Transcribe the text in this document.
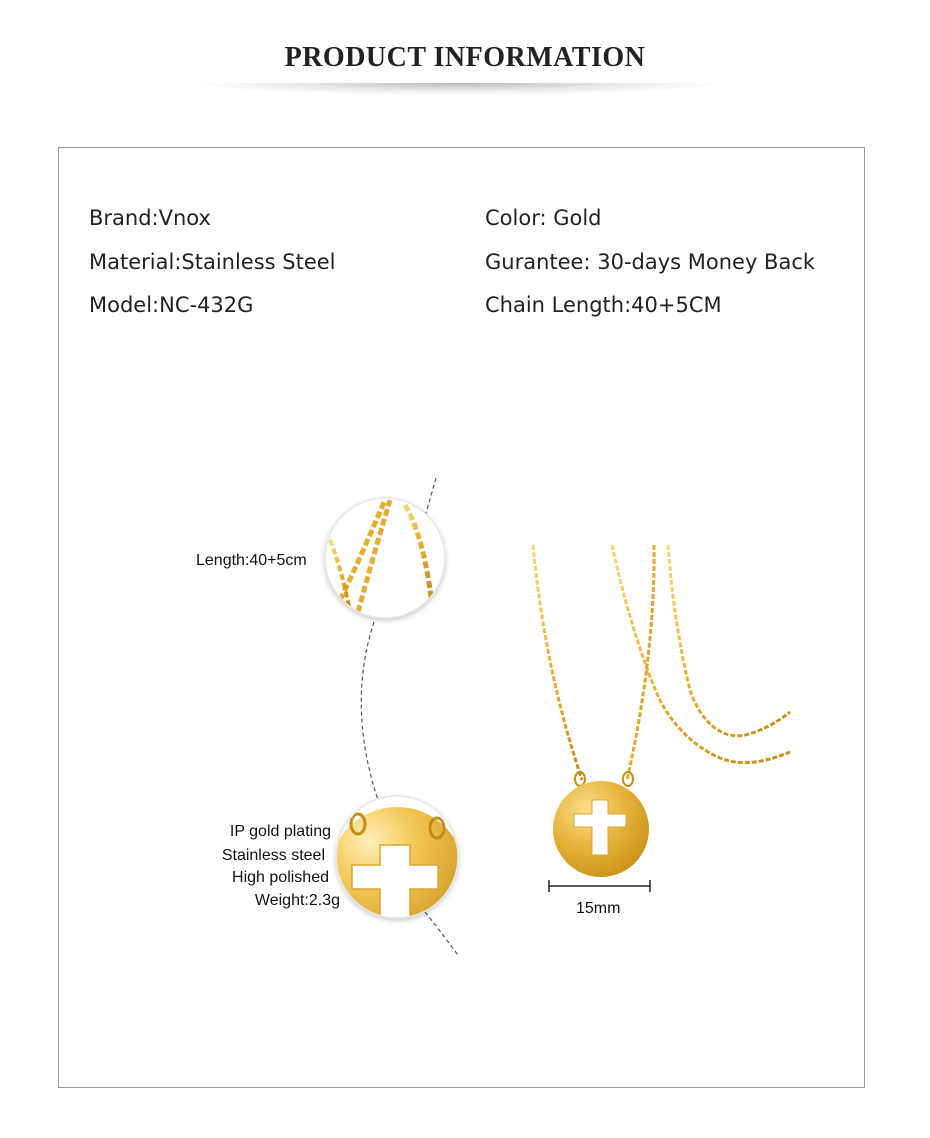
PRODUCT INFORMATION
Brand:Vnox
Material:Stainless Steel
Model:NC-432G
Color: Gold
Gurantee: 30-days Money Back
Chain Length:40+5CM
Length:40+5cm
IP gold plating
Stainless steel
High polished
Weight:2.3g	15mm
